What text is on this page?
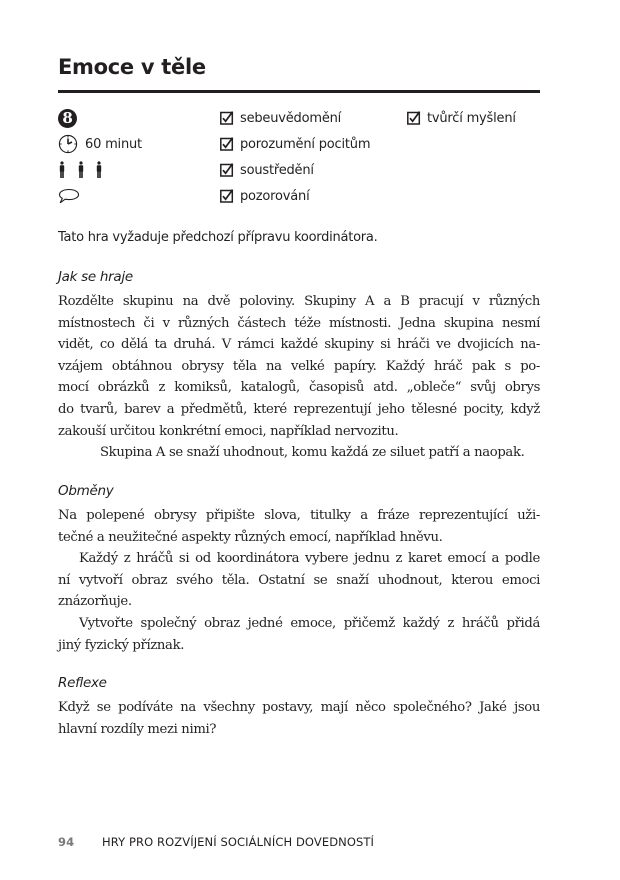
Emoce v těle
8
60 minut
sebeuvědomění
porozumění pocitům
soustředění
pozorování
tvůrčí myšlení

Tato hra vyžaduje předchozí přípravu koordinátora.

Jak se hraje

Rozdělte skupinu na dvě poloviny. Skupiny A a B pracují v různých
místnostech či v různých částech téže místnosti. Jedna skupina nesmí
vidět, co dělá ta druhá. V rámci každé skupiny si hráči ve dvojicích na-
vzájem obtáhnou obrysy těla na velké papíry. Každý hráč pak s po-
mocí obrázků z komiksů, katalogů, časopisů atd. „obleče“ svůj obrys
do tvarů, barev a předmětů, které reprezentují jeho tělesné pocity, když
zakouší určitou konkrétní emoci, například nervozitu.

Skupina A se snaží uhodnout, komu každá ze siluet patří a naopak.

Obměny

Na polepené obrysy připište slova, titulky a fráze reprezentující uži-
tečné a neužitečné aspekty různých emocí, například hněvu.

Každý z hráčů si od koordinátora vybere jednu z karet emocí a podle
ní vytvoří obraz svého těla. Ostatní se snaží uhodnout, kterou emoci
znázorňuje.

Vytvořte společný obraz jedné emoce, přičemž každý z hráčů přidá
jiný fyzický příznak.

Reflexe

Když se podíváte na všechny postavy, mají něco společného? Jaké jsou
hlavní rozdíly mezi nimi?

94	HRY PRO ROZVÍJENÍ SOCIÁLNÍCH DOVEDNOSTÍ
